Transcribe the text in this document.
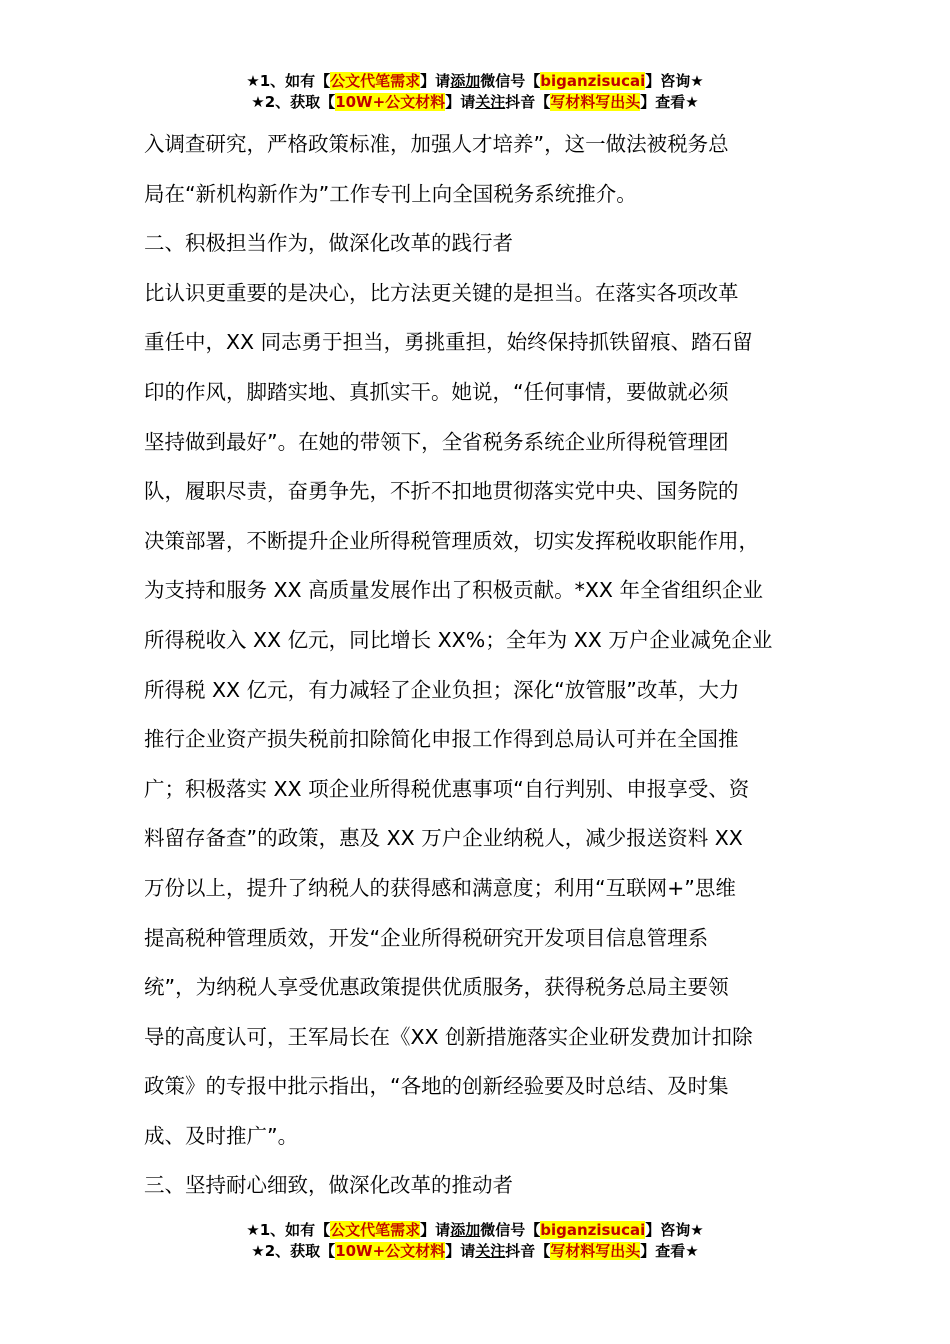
★1、如有【公文代笔需求】请添加微信号【biganzisucai】咨询★
★2、获取【10W+公文材料】请关注抖音【写材料写出头】查看★

入调查研究，严格政策标准，加强人才培养”，这一做法被税务总

局在“新机构新作为”工作专刊上向全国税务系统推介。

二、积极担当作为，做深化改革的践行者

比认识更重要的是决心，比方法更关键的是担当。在落实各项改革

重任中，XX 同志勇于担当，勇挑重担，始终保持抓铁留痕、踏石留

印的作风，脚踏实地、真抓实干。她说，“任何事情，要做就必须

坚持做到最好”。在她的带领下，全省税务系统企业所得税管理团

队，履职尽责，奋勇争先，不折不扣地贯彻落实党中央、国务院的

决策部署，不断提升企业所得税管理质效，切实发挥税收职能作用，

为支持和服务 XX 高质量发展作出了积极贡献。*XX 年全省组织企业

所得税收入 XX 亿元，同比增长 XX%；全年为 XX 万户企业减免企业

所得税 XX 亿元，有力减轻了企业负担；深化“放管服”改革，大力

推行企业资产损失税前扣除简化申报工作得到总局认可并在全国推

广；积极落实 XX 项企业所得税优惠事项“自行判别、申报享受、资

料留存备查”的政策，惠及 XX 万户企业纳税人，减少报送资料 XX

万份以上，提升了纳税人的获得感和满意度；利用“互联网+”思维

提高税种管理质效，开发“企业所得税研究开发项目信息管理系

统”，为纳税人享受优惠政策提供优质服务，获得税务总局主要领

导的高度认可，王军局长在《XX 创新措施落实企业研发费加计扣除

政策》的专报中批示指出，“各地的创新经验要及时总结、及时集

成、及时推广”。

三、坚持耐心细致，做深化改革的推动者

★1、如有【公文代笔需求】请添加微信号【biganzisucai】咨询★
★2、获取【10W+公文材料】请关注抖音【写材料写出头】查看★
